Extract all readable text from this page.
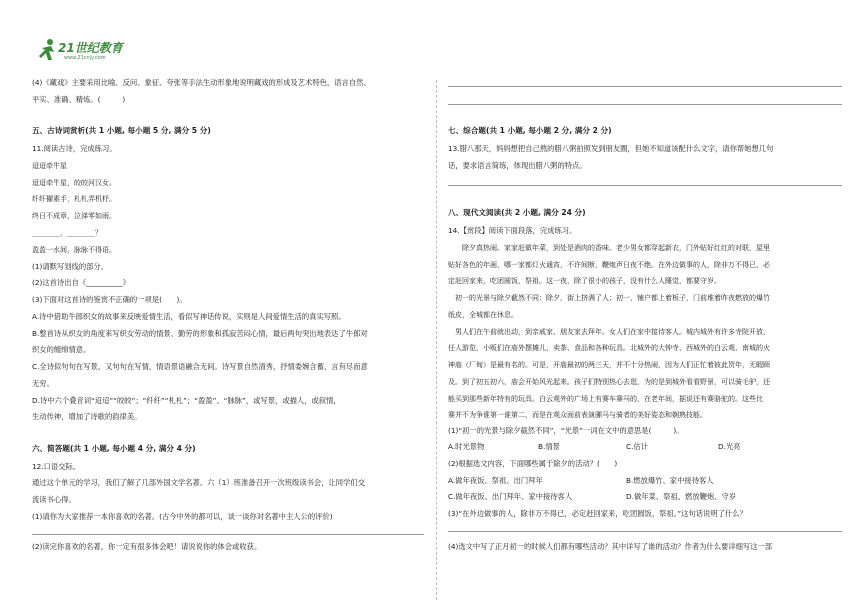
21世纪教育
www.21cnjy.com
(4)《藏戏》主要采用比喻、反问、象征、夸张等手法生动形象地说明藏戏的形成及艺术特色，语言自然、
平实、准确、精炼。(　　　)
五、古诗词赏析(共 1 小题, 每小题 5 分, 满分 5 分)
11.阅读古诗，完成练习。
迢迢牵牛星
迢迢牵牛星，皎皎河汉女。
纤纤擢素手，札札弄机杼。
终日不成章，泣涕零如雨。
________，________？
盈盈一水间，脉脉不得语。
(1)请默写划线的部分。
(2)这首诗出自《__________》
(3)下面对这首诗的鉴赏不正确的一项是(　　)。
A.诗中借助牛郎织女的故事来反映爱情生活，看似写神话传说，实则是人间爱情生活的真实写照。
B.整首诗从织女的角度来写织女劳动的情景、勤劳的形象和孤寂苦闷心情，最后两句突出地表达了牛郎对
织女的缠绵情意。
C.全诗似句句在写景，又句句在写情，情语景语融合无间。诗写景自然清秀，抒情委婉含蓄，言有尽而意
无穷。
D.诗中六个叠音词“迢迢”“皎皎”；“纤纤”“札札”；“盈盈”、“脉脉”，或写景，或描人，或叙情，
生动传神，增加了诗歌的韵律美。
六、简答题(共 1 小题, 每小题 4 分, 满分 4 分)
12.口语交际。
通过这个单元的学习，我们了解了几部外国文学名著。六（1）班准备召开一次班级读书会，让同学们交
流读书心得。
(1)请你为大家推荐一本你喜欢的名著。(古今中外的都可以，谈一谈你对名著中主人公的评价)
(2)读完你喜欢的名著，你一定有很多体会吧！请说说你的体会或收获。
七、综合题(共 1 小题, 每小题 2 分, 满分 2 分)
13.腊八那天，妈妈想把自己熬的腊八粥拍照发到朋友圈，但她不知道该配什么文字，请你帮她想几句
话，要求语言简练，体现出腊八粥的特点。
八、现代文阅读(共 2 小题, 满分 24 分)
14.【赏段】阅读下面段落，完成练习。
　　除夕真热闹。家家赶做年菜，到处是酒肉的香味。老少男女都穿起新衣，门外贴好红红的对联，屋里
贴好各色的年画，哪一家都灯火通宵，不许间断，鞭炮声日夜不绝。在外边做事的人，除非万不得已，必
定赶回家来，吃团圆饭，祭祖。这一夜，除了很小的孩子，没有什么人睡觉，都要守岁。
　初一的光景与除夕截然不同：除夕，街上挤满了人；初一，铺户都上着板子，门前堆着昨夜燃放的爆竹
纸皮，全城都在休息。
　男人们在午前就出动，到亲戚家、朋友家去拜年。女人们在家中接待客人。城内城外有许多寺院开放，
任人游览，小贩们在庙外摆摊儿，卖茶、食品和各种玩具。北城外的大钟寺、西城外的白云观、南城的火
神庙（厂甸）是最有名的。可是，开庙最初的两三天，并不十分热闹，因为人们正忙着彼此贺年，无暇顾
及。到了初五初六，庙会开始风光起来。孩子们特别热心去逛，为的是到城外看看野景，可以骑毛驴，还
能买到那些新年特有的玩具。白云观外的广场上有赛车赛马的，在老年间，据说还有赛骆驼的。这些比
赛并不为争谁第一谁第二，而是在观众面前表演骡马与骑者的美好姿态和娴熟技能。
(1)“初一的光景与除夕截然不同”，“光景”一词在文中的意思是(　　　)。
A.时光景物	B.情景	C.估计	D.光亮
(2)根据选文内容，下面哪些属于除夕的活动？(　　)
A.做年夜饭、祭祖、出门拜年	B.燃放爆竹、家中接待客人
C.做年夜饭、出门拜年、家中接待客人	D.做年菜、祭祖、燃放鞭炮、守岁
(3)“在外边做事的人，除非万不得已，必定赶回家来，吃团圆饭，祭祖。”这句话说明了什么？
(4)选文中写了正月初一的时候人们都有哪些活动？其中详写了谁的活动？作者为什么要详细写这一部
